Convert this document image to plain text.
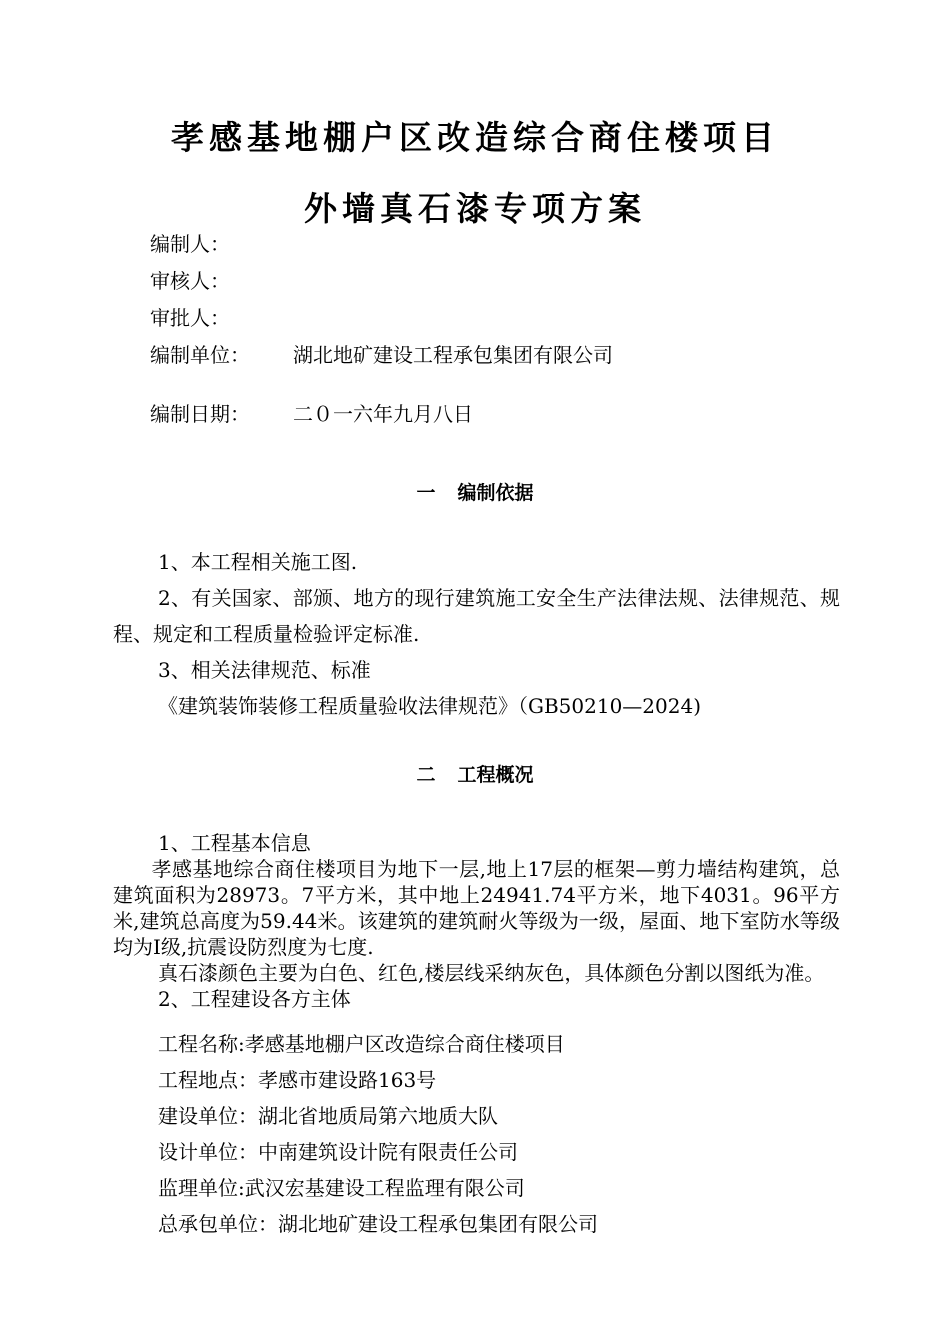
孝感基地棚户区改造综合商住楼项目
外墙真石漆专项方案
编制人：
审核人：
审批人：
编制单位： 湖北地矿建设工程承包集团有限公司
编制日期： 二０一六年九月八日
一 编制依据
1、本工程相关施工图.
2、有关国家、部颁、地方的现行建筑施工安全生产法律法规、法律规范、规程、规定和工程质量检验评定标准.
3、相关法律规范、标准
《建筑装饰装修工程质量验收法律规范》（GB50210—2024)
二 工程概况
1、工程基本信息
孝感基地综合商住楼项目为地下一层,地上17层的框架—剪力墙结构建筑，总建筑面积为28973。7平方米，其中地上24941.74平方米，地下4031。96平方米,建筑总高度为59.44米。该建筑的建筑耐火等级为一级，屋面、地下室防水等级均为Ⅰ级,抗震设防烈度为七度.
真石漆颜色主要为白色、红色,楼层线采纳灰色，具体颜色分割以图纸为准。
2、工程建设各方主体
工程名称:孝感基地棚户区改造综合商住楼项目
工程地点：孝感市建设路163号
建设单位：湖北省地质局第六地质大队
设计单位：中南建筑设计院有限责任公司
监理单位:武汉宏基建设工程监理有限公司
总承包单位：湖北地矿建设工程承包集团有限公司
